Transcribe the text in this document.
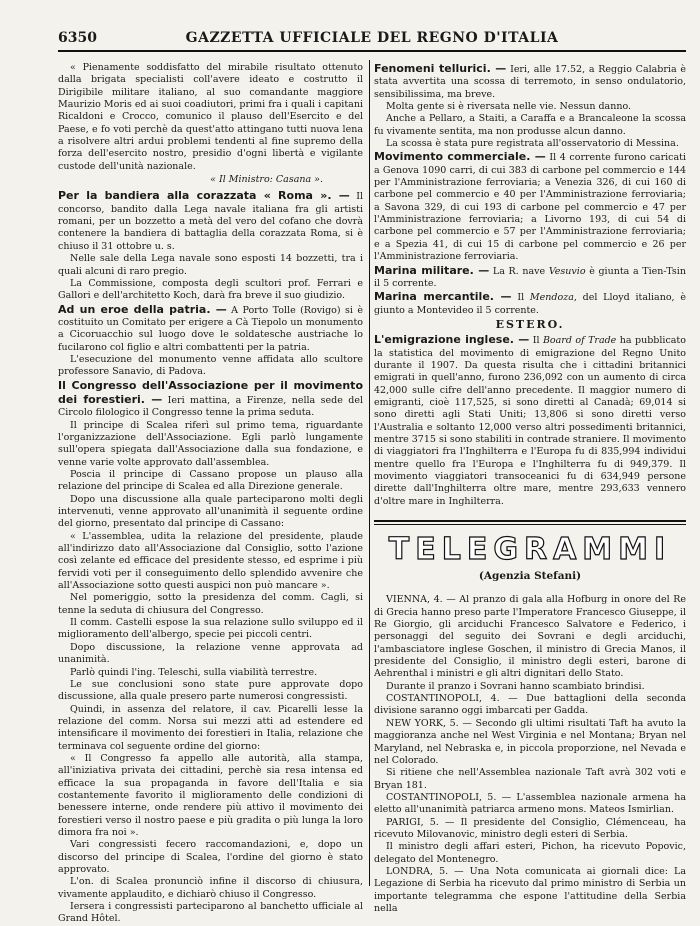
6350	GAZZETTA UFFICIALE DEL REGNO D'ITALIA

« Pienamente soddisfatto del mirabile risultato ottenuto dalla brigata specialisti coll'avere ideato e costrutto il Dirigibile militare italiano, al suo comandante maggiore Maurizio Moris ed ai suoi coadiutori, primi fra i quali i capitani Ricaldoni e Crocco, comunico il plauso dell'Esercito e del Paese, e fo voti perchè da quest'atto attingano tutti nuova lena a risolvere altri ardui problemi tendenti al fine supremo della forza dell'esercito nostro, presidio d'ogni libertà e vigilante custode dell'unità nazionale.

« Il Ministro: Casana ».

Per la bandiera alla corazzata « Roma ». — Il concorso, bandito dalla Lega navale italiana fra gli artisti romani, per un bozzetto a metà del vero del cofano che dovrà contenere la bandiera di battaglia della corazzata Roma, si è chiuso il 31 ottobre u. s.

Nelle sale della Lega navale sono esposti 14 bozzetti, tra i quali alcuni di raro pregio.

La Commissione, composta degli scultori prof. Ferrari e Gallori e dell'architetto Koch, darà fra breve il suo giudizio.

Ad un eroe della patria. — A Porto Tolle (Rovigo) si è costituito un Comitato per erigere a Cà Tiepolo un monumento a Cicoruacchio sul luogo dove le soldatesche austriache lo fucilarono col figlio e altri combattenti per la patria.

L'esecuzione del monumento venne affidata allo scultore professore Sanavio, di Padova.

Il Congresso dell'Associazione per il movimento dei forestieri. — Ieri mattina, a Firenze, nella sede del Circolo filologico il Congresso tenne la prima seduta.

Il principe di Scalea riferì sul primo tema, riguardante l'organizzazione dell'Associazione. Egli parlò lungamente sull'opera spiegata dall'Associazione dalla sua fondazione, e venne varie volte approvato dall'assemblea.

Poscia il principe di Cassano propose un plauso alla relazione del principe di Scalea ed alla Direzione generale.

Dopo una discussione alla quale parteciparono molti degli intervenuti, venne approvato all'unanimità il seguente ordine del giorno, presentato dal principe di Cassano:

« L'assemblea, udita la relazione del presidente, plaude all'indirizzo dato all'Associazione dal Consiglio, sotto l'azione così zelante ed efficace del presidente stesso, ed esprime i più fervidi voti per il conseguimento dello splendido avvenire che all'Associazione sotto questi auspici non può mancare ».

Nel pomeriggio, sotto la presidenza del comm. Cagli, si tenne la seduta di chiusura del Congresso.

Il comm. Castelli espose la sua relazione sullo sviluppo ed il miglioramento dell'albergo, specie pei piccoli centri.

Dopo discussione, la relazione venne approvata ad unanimità.

Parlò quindi l'ing. Teleschi, sulla viabilità terrestre.

Le sue conclusioni sono state pure approvate dopo discussione, alla quale presero parte numerosi congressisti.

Quindi, in assenza del relatore, il cav. Picarelli lesse la relazione del comm. Norsa sui mezzi atti ad estendere ed intensificare il movimento dei forestieri in Italia, relazione che terminava col seguente ordine del giorno:

« Il Congresso fa appello alle autorità, alla stampa, all'iniziativa privata dei cittadini, perchè sia resa intensa ed efficace la sua propaganda in favore dell'Italia e sia costantemente favorito il miglioramento delle condizioni di benessere interne, onde rendere più attivo il movimento dei forestieri verso il nostro paese e più gradita o più lunga la loro dimora fra noi ».

Vari congressisti fecero raccomandazioni, e, dopo un discorso del principe di Scalea, l'ordine del giorno è stato approvato.

L'on. di Scalea pronunciò infine il discorso di chiusura, vivamente applaudito, e dichiarò chiuso il Congresso.

Iersera i congressisti parteciparono al banchetto ufficiale al Grand Hôtel.

Fenomeni tellurici. — Ieri, alle 17.52, a Reggio Calabria è stata avvertita una scossa di terremoto, in senso ondulatorio, sensibilissima, ma breve.

Molta gente si è riversata nelle vie. Nessun danno.

Anche a Pellaro, a Staiti, a Caraffa e a Brancaleone la scossa fu vivamente sentita, ma non produsse alcun danno.

La scossa è stata pure registrata all'osservatorio di Messina.

Movimento commerciale. — Il 4 corrente furono caricati a Genova 1090 carri, di cui 383 di carbone pel commercio e 144 per l'Amministrazione ferroviaria; a Venezia 326, di cui 160 di carbone pel commercio e 40 per l'Amministrazione ferroviaria; a Savona 329, di cui 193 di carbone pel commercio e 47 per l'Amministrazione ferroviaria; a Livorno 193, di cui 54 di carbone pel commercio e 57 per l'Amministrazione ferroviaria; e a Spezia 41, di cui 15 di carbone pel commercio e 26 per l'Amministrazione ferroviaria.

Marina militare. — La R. nave Vesuvio è giunta a Tien-Tsin il 5 corrente.

Marina mercantile. — Il Mendoza, del Lloyd italiano, è giunto a Montevideo il 5 corrente.

ESTERO.

L'emigrazione inglese. — Il Board of Trade ha pubblicato la statistica del movimento di emigrazione del Regno Unito durante il 1907. Da questa risulta che i cittadini britannici emigrati in quell'anno, furono 236,092 con un aumento di circa 42,000 sulle cifre dell'anno precedente. Il maggior numero di emigranti, cioè 117,525, si sono diretti al Canadà; 69,014 si sono diretti agli Stati Uniti; 13,806 si sono diretti verso l'Australia e soltanto 12,000 verso altri possedimenti britannici, mentre 3715 si sono stabiliti in contrade straniere. Il movimento di viaggiatori fra l'Inghilterra e l'Europa fu di 835,994 individui mentre quello fra l'Europa e l'Inghilterra fu di 949,379. Il movimento viaggiatori transoceanici fu di 634,949 persone dirette dall'Inghilterra oltre mare, mentre 293,633 vennero d'oltre mare in Inghilterra.

TELEGRAMMI
(Agenzia Stefani)

VIENNA, 4. — Al pranzo di gala alla Hofburg in onore del Re di Grecia hanno preso parte l'Imperatore Francesco Giuseppe, il Re Giorgio, gli arciduchi Francesco Salvatore e Federico, i personaggi del seguito dei Sovrani e degli arciduchi, l'ambasciatore inglese Goschen, il ministro di Grecia Manos, il presidente del Consiglio, il ministro degli esteri, barone di Aehrenthal i ministri e gli altri dignitari dello Stato.

Durante il pranzo i Sovrani hanno scambiato brindisi.

COSTANTINOPOLI, 4. — Due battaglioni della seconda divisione saranno oggi imbarcati per Gadda.

NEW YORK, 5. — Secondo gli ultimi risultati Taft ha avuto la maggioranza anche nel West Virginia e nel Montana; Bryan nel Maryland, nel Nebraska e, in piccola proporzione, nel Nevada e nel Colorado.

Si ritiene che nell'Assemblea nazionale Taft avrà 302 voti e Bryan 181.

COSTANTINOPOLI, 5. — L'assemblea nazionale armena ha eletto all'unanimità patriarca armeno mons. Mateos Ismirlian.

PARIGI, 5. — Il presidente del Consiglio, Clémenceau, ha ricevuto Milovanovic, ministro degli esteri di Serbia.

Il ministro degli affari esteri, Pichon, ha ricevuto Popovic, delegato del Montenegro.

LONDRA, 5. — Una Nota comunicata ai giornali dice: La Legazione di Serbia ha ricevuto dal primo ministro di Serbia un importante telegramma che espone l'attitudine della Serbia nella
